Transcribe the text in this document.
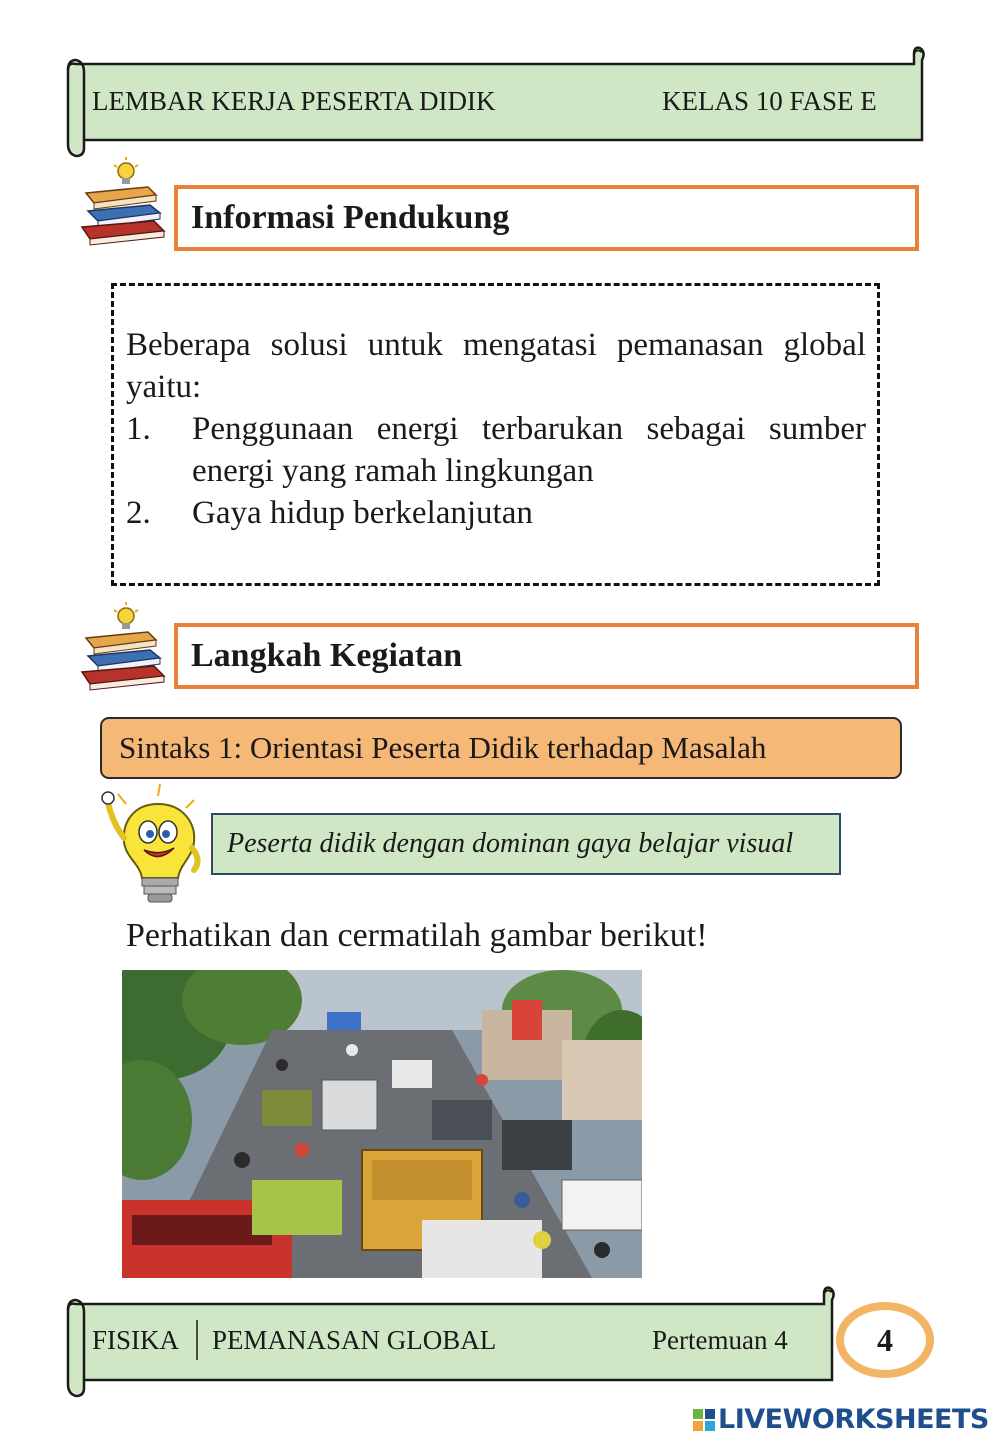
LEMBAR KERJA PESERTA DIDIK	KELAS 10 FASE E
Informasi Pendukung

Beberapa solusi untuk mengatasi pemanasan global yaitu:

1.	Penggunaan energi terbarukan sebagai sumber energi yang ramah lingkungan
2.	Gaya hidup berkelanjutan
Langkah Kegiatan
Sintaks 1: Orientasi Peserta Didik terhadap Masalah
Peserta didik dengan dominan gaya belajar visual
Perhatikan dan cermatilah gambar berikut!
FISIKA PEMANASAN GLOBAL	Pertemuan 4	4
LIVEWORKSHEETS
